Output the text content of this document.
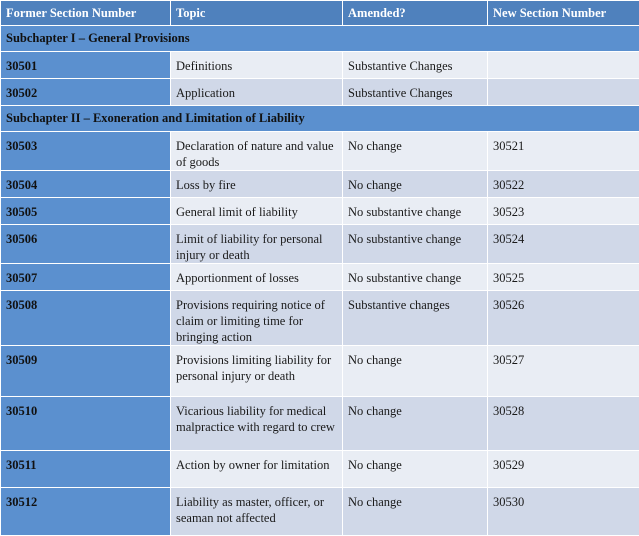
Former Section Number	Topic	Amended?	New Section Number
Subchapter I – General Provisions			
30501	Definitions	Substantive Changes	
30502	Application	Substantive Changes	
Subchapter II – Exoneration and Limitation of Liability			
30503	Declaration of nature and value of goods	No change	30521
30504	Loss by fire	No change	30522
30505	General limit of liability	No substantive change	30523
30506	Limit of liability for personal injury or death	No substantive change	30524
30507	Apportionment of losses	No substantive change	30525
30508	Provisions requiring notice of claim or limiting time for bringing action	Substantive changes	30526
30509	Provisions limiting liability for personal injury or death	No change	30527
30510	Vicarious liability for medical malpractice with regard to crew	No change	30528
30511	Action by owner for limitation	No change	30529
30512	Liability as master, officer, or seaman not affected	No change	30530
